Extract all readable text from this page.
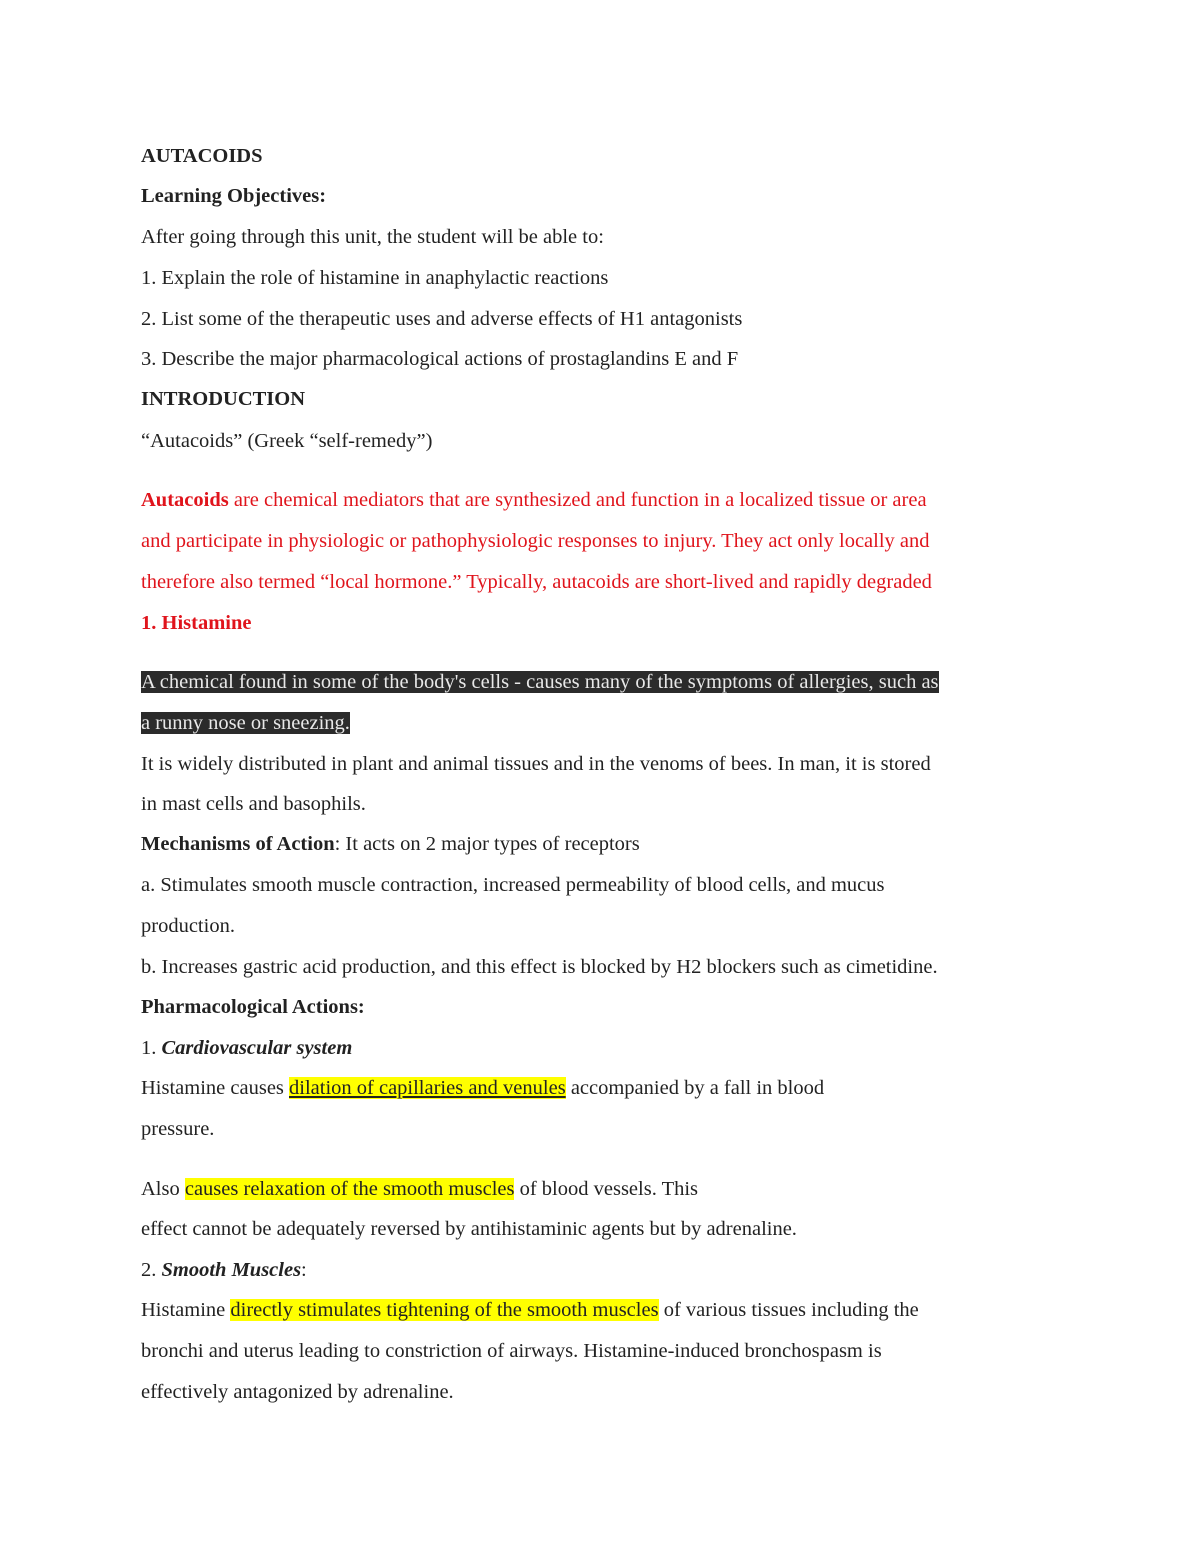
AUTACOIDS
Learning Objectives:
After going through this unit, the student will be able to:
1. Explain the role of histamine in anaphylactic reactions
2. List some of the therapeutic uses and adverse effects of H1 antagonists
3. Describe the major pharmacological actions of prostaglandins E and F
INTRODUCTION
“Autacoids” (Greek “self-remedy”)
Autacoids are chemical mediators that are synthesized and function in a localized tissue or area
and participate in physiologic or pathophysiologic responses to injury. They act only locally and
therefore also termed “local hormone.” Typically, autacoids are short-lived and rapidly degraded
1. Histamine
A chemical found in some of the body's cells - causes many of the symptoms of allergies, such as
a runny nose or sneezing.
It is widely distributed in plant and animal tissues and in the venoms of bees. In man, it is stored
in mast cells and basophils.
Mechanisms of Action: It acts on 2 major types of receptors
a. Stimulates smooth muscle contraction, increased permeability of blood cells, and mucus
production.
b. Increases gastric acid production, and this effect is blocked by H2 blockers such as cimetidine.
Pharmacological Actions:
1. Cardiovascular system
Histamine causes dilation of capillaries and venules accompanied by a fall in blood
pressure.
Also causes relaxation of the smooth muscles of blood vessels. This
effect cannot be adequately reversed by antihistaminic agents but by adrenaline.
2. Smooth Muscles:
Histamine directly stimulates tightening of the smooth muscles of various tissues including the
bronchi and uterus leading to constriction of airways. Histamine-induced bronchospasm is
effectively antagonized by adrenaline.
